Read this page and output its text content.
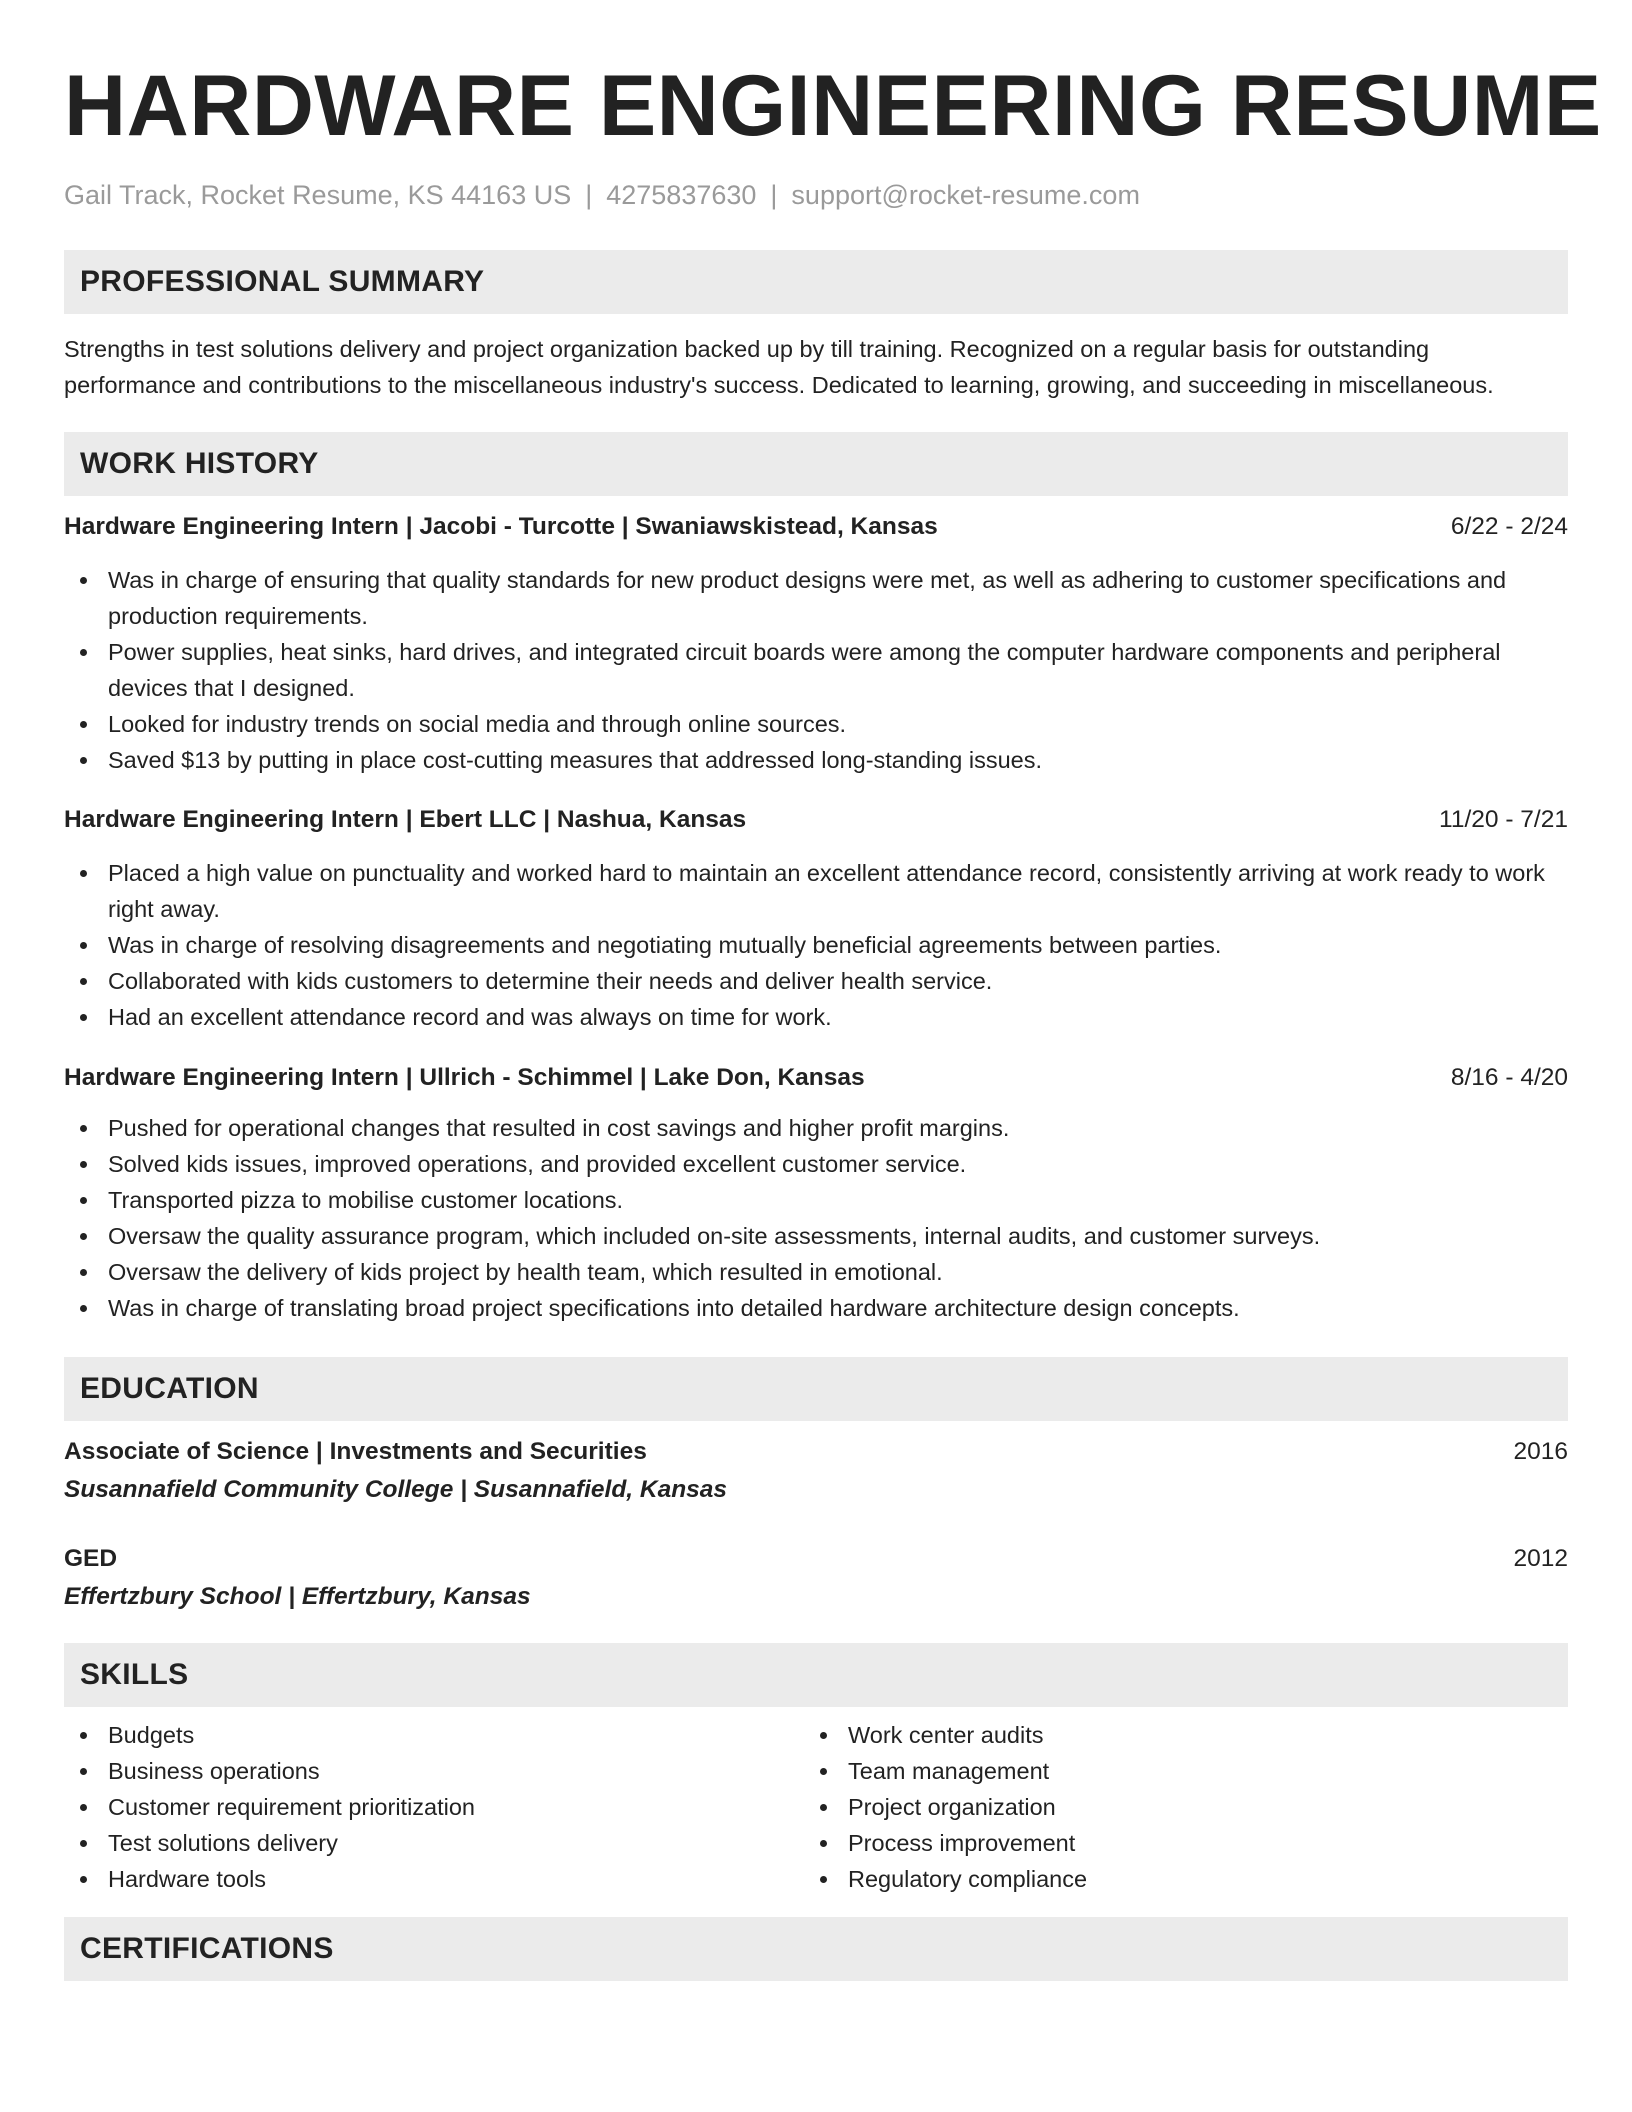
HARDWARE ENGINEERING RESUME
Gail Track, Rocket Resume, KS 44163 US | 4275837630 | support@rocket-resume.com
PROFESSIONAL SUMMARY
Strengths in test solutions delivery and project organization backed up by till training. Recognized on a regular basis for outstanding performance and contributions to the miscellaneous industry's success. Dedicated to learning, growing, and succeeding in miscellaneous.
WORK HISTORY
Hardware Engineering Intern | Jacobi - Turcotte | Swaniawskistead, Kansas	6/22 - 2/24
Was in charge of ensuring that quality standards for new product designs were met, as well as adhering to customer specifications and production requirements.
Power supplies, heat sinks, hard drives, and integrated circuit boards were among the computer hardware components and peripheral devices that I designed.
Looked for industry trends on social media and through online sources.
Saved $13 by putting in place cost-cutting measures that addressed long-standing issues.
Hardware Engineering Intern | Ebert LLC | Nashua, Kansas	11/20 - 7/21
Placed a high value on punctuality and worked hard to maintain an excellent attendance record, consistently arriving at work ready to work right away.
Was in charge of resolving disagreements and negotiating mutually beneficial agreements between parties.
Collaborated with kids customers to determine their needs and deliver health service.
Had an excellent attendance record and was always on time for work.
Hardware Engineering Intern | Ullrich - Schimmel | Lake Don, Kansas	8/16 - 4/20
Pushed for operational changes that resulted in cost savings and higher profit margins.
Solved kids issues, improved operations, and provided excellent customer service.
Transported pizza to mobilise customer locations.
Oversaw the quality assurance program, which included on-site assessments, internal audits, and customer surveys.
Oversaw the delivery of kids project by health team, which resulted in emotional.
Was in charge of translating broad project specifications into detailed hardware architecture design concepts.
EDUCATION
Associate of Science | Investments and Securities	2016
Susannafield Community College | Susannafield, Kansas
GED	2012
Effertzbury School | Effertzbury, Kansas
SKILLS
Budgets
Business operations
Customer requirement prioritization
Test solutions delivery
Hardware tools
Work center audits
Team management
Project organization
Process improvement
Regulatory compliance
CERTIFICATIONS
